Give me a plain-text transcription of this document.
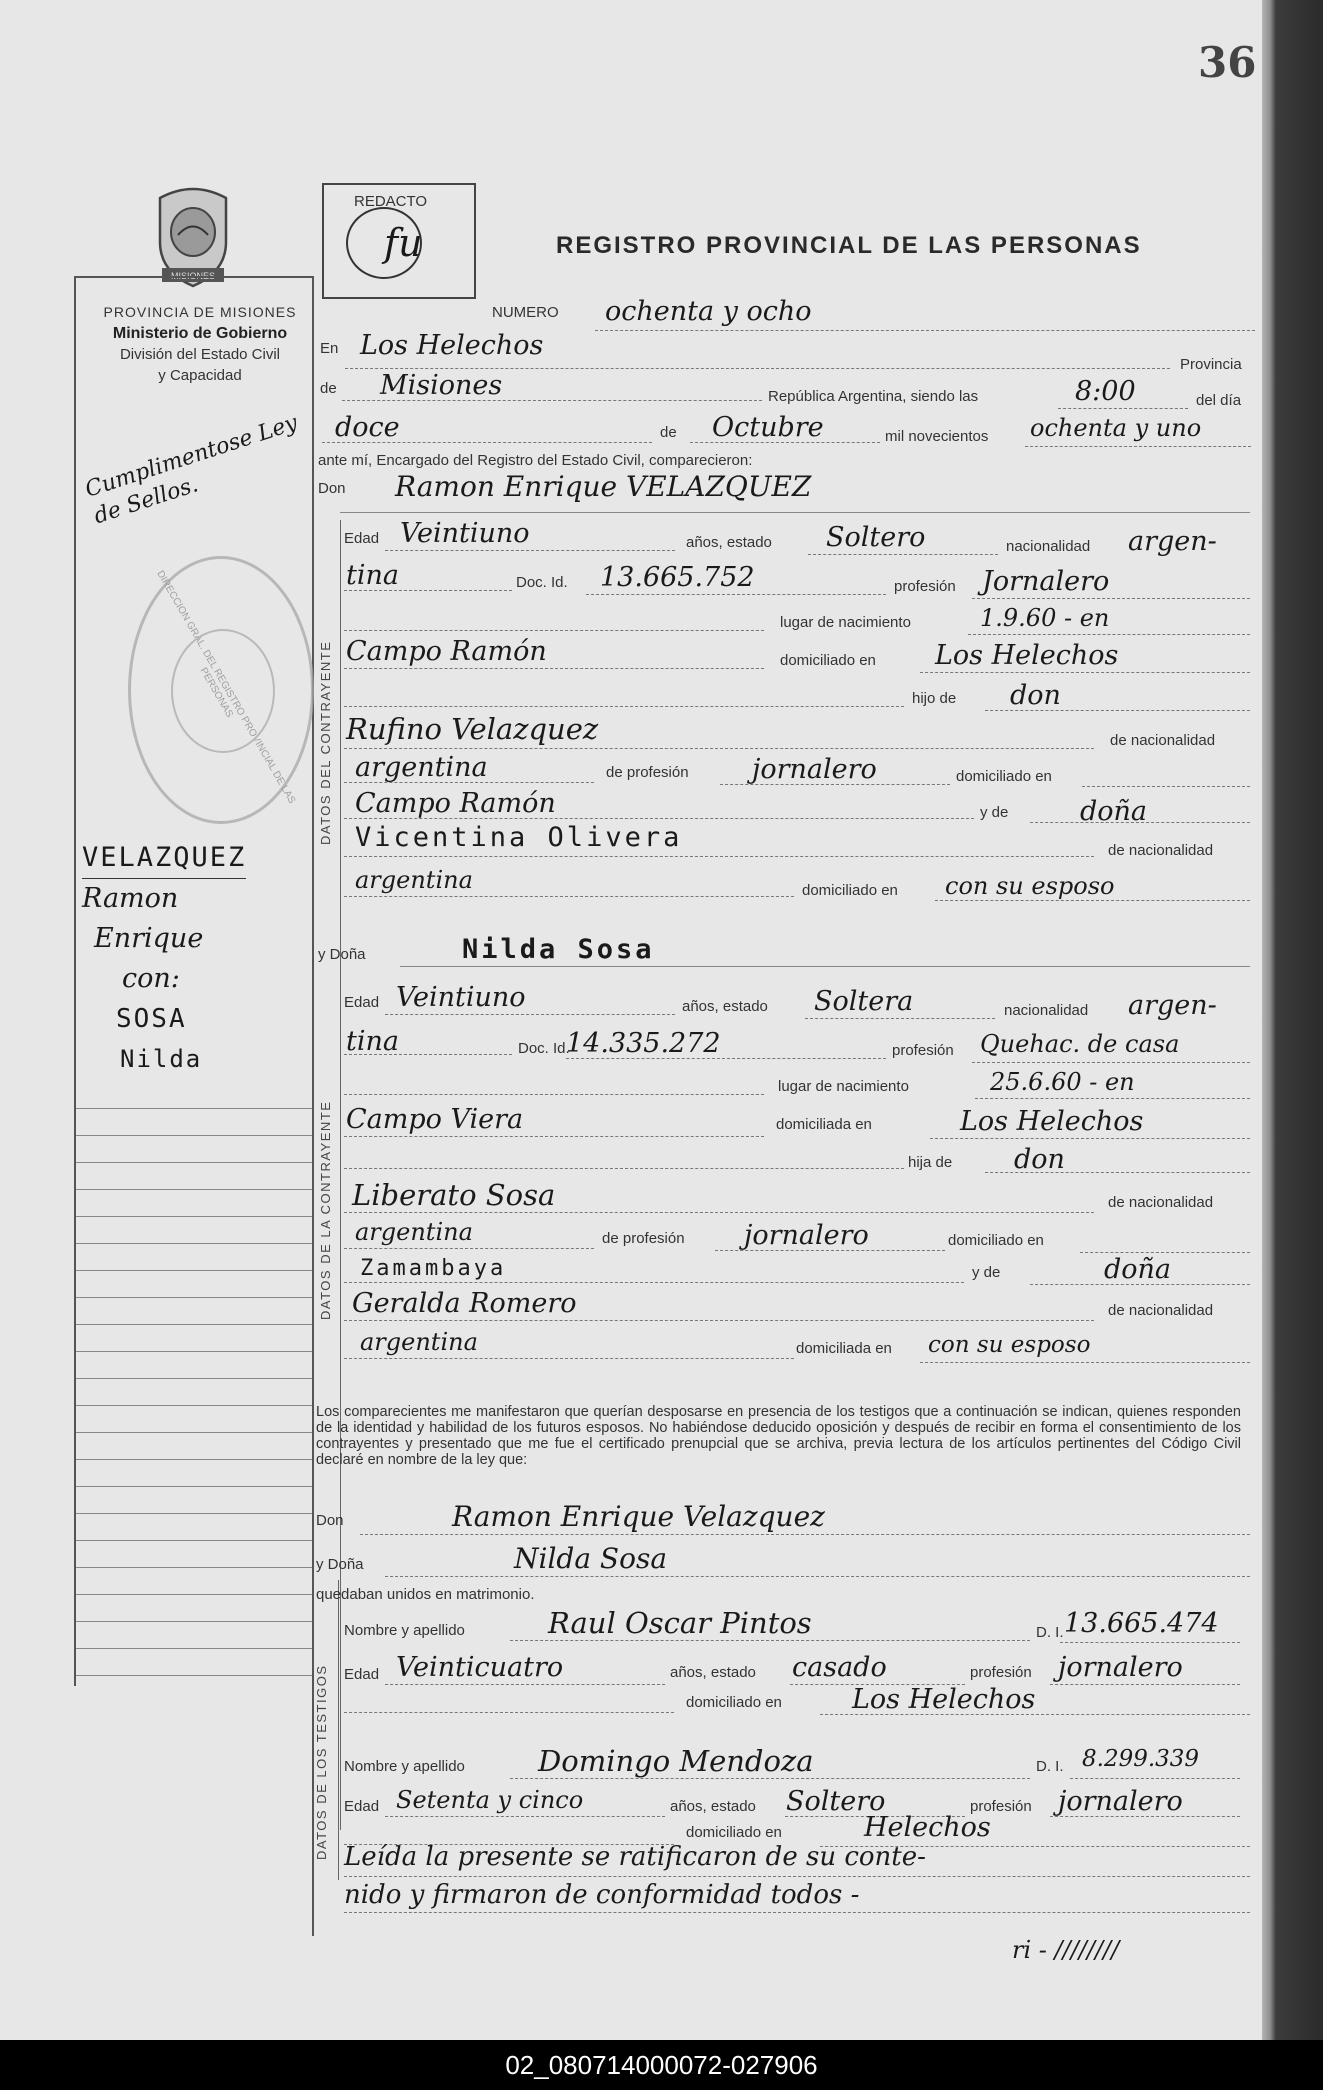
36
MISIONES
PROVINCIA DE MISIONES
Ministerio de Gobierno
División del Estado Civil
y Capacidad
REDACTO
fu	REGISTRO PROVINCIAL DE LAS PERSONAS
Cumplimentose Ley de Sellos.
DIRECCION GRAL. DEL REGISTRO PROVINCIAL DE LAS PERSONAS
VELAZQUEZ
Ramon
Enrique
con:
SOSA
Nilda
NUMERO ochenta y ocho
En Los Helechos
Provincia
de Misiones	República Argentina, siendo las	8:00	del día
doce	de Octubre	mil novecientos ochenta y uno
ante mí, Encargado del Registro del Estado Civil, comparecieron:
Don Ramon Enrique VELAZQUEZ
DATOS DEL CONTRAYENTE
Edad Veintiuno	años, estado Soltero	nacionalidad argen-
tina	Doc. Id. 13.665.752	profesión Jornalero
lugar de nacimiento	1.9.60 - en
Campo Ramón	domiciliado en Los Helechos
hijo de don
Rufino Velazquez	de nacionalidad
argentina	de profesión jornalero	domiciliado en
Campo Ramón	y de	doña
Vicentina Olivera	de nacionalidad
argentina	domiciliado en con su esposo
y Doña	Nilda Sosa
DATOS DE LA CONTRAYENTE
Edad Veintiuno	años, estado Soltera	nacionalidad argen-
tina	Doc. Id.
14.335.272	profesión Quehac. de casa
lugar de nacimiento	25.6.60 - en
Campo Viera	domiciliada en	Los Helechos
hija de don
Liberato Sosa	de nacionalidad
argentina	de profesión jornalero	domiciliado en
Zamambaya	y de	doña
Geralda Romero	de nacionalidad
argentina	domiciliada en con su esposo
Los comparecientes me manifestaron que querían desposarse en presencia de los testigos que a continuación se indican, quienes responden de la identidad y habilidad de los futuros esposos. No habiéndose deducido oposición y después de recibir en forma el consentimiento de los contrayentes y presentado que me fue el certificado prenupcial que se archiva, previa lectura de los artículos pertinentes del Código Civil declaré en nombre de la ley que:
Don	Ramon Enrique Velazquez
y Doña	Nilda Sosa
quedaban unidos en matrimonio.
DATOS DE LOS TESTIGOS
Nombre y apellido	Raul Oscar Pintos	D. I. 13.665.474
Edad Veinticuatro	años, estado casado	profesión jornalero
domiciliado en	Los Helechos
Nombre y apellido	Domingo Mendoza	D. I. 8.299.339
Edad Setenta y cinco	años, estado Soltero	profesión jornalero
domiciliado en	Helechos
Leída la presente se ratificaron de su conte-
nido y firmaron de conformidad todos -
ri - ////////
02_080714000072-027906
